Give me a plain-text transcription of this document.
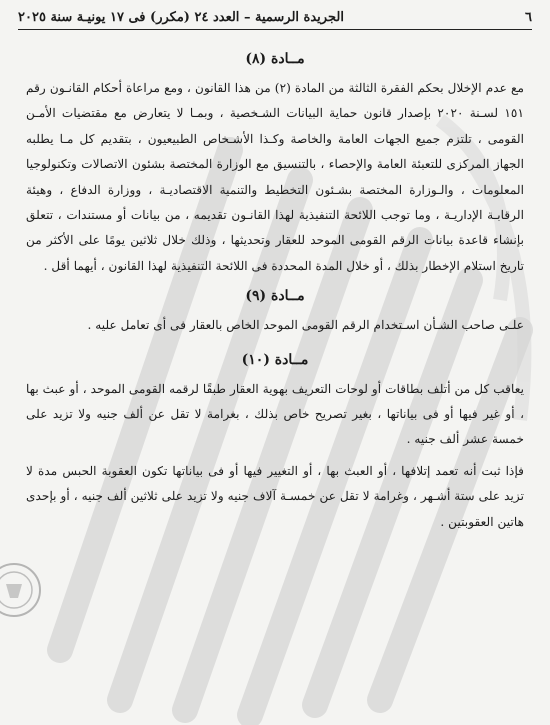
٦
الجريدة الرسمية – العدد ٢٤ (مكرر) فى ١٧ يونيـة سنة ٢٠٢٥
مــادة (٨)

مع عدم الإخلال بحكم الفقرة الثالثة من المادة (٢) من هذا القانون ، ومع مراعاة أحكام القانـون رقم ١٥١ لسـنة ٢٠٢٠ بإصدار قانون حماية البيانات الشـخصية ، وبمـا لا يتعارض مع مقتضيات الأمـن القومى ، تلتزم جميع الجهات العامة والخاصة وكـذا الأشـخاص الطبيعيون ، بتقديم كل مـا يطلبه الجهاز المركزى للتعبئة العامة والإحصاء ، بالتنسيق مع الوزارة المختصة بشئون الاتصالات وتكنولوجيا المعلومات ، والـوزارة المختصة بشـئون التخطيط والتنمية الاقتصاديـة ، ووزارة الدفاع ، وهيئة الرقابـة الإداريـة ، وما توجب اللائحة التنفيذية لهذا القانـون تقديمه ، من بيانات أو مستندات ، تتعلق بإنشاء قاعدة بيانات الرقم القومى الموحد للعقار وتحديثها ، وذلك خلال ثلاثين يومًا على الأكثر من تاريخ استلام الإخطار بذلك ، أو خلال المدة المحددة فى اللائحة التنفيذية لهذا القانون ، أيهما أقل .

مــادة (٩)

علـى صاحب الشـأن اسـتخدام الرقم القومى الموحد الخاص بالعقار فى أى تعامل عليه .

مــادة (١٠)

يعاقب كل من أتلف بطاقات أو لوحات التعريف بهوية العقار طبقًا لرقمه القومى الموحد ، أو عبث بها ، أو غير فيها أو فى بياناتها ، بغير تصريح خاص بذلك ، بغرامة لا تقل عن ألف جنيه ولا تزيد على خمسة عشر ألف جنيه .

فإذا ثبت أنه تعمد إتلافها ، أو العبث بها ، أو التغيير فيها أو فى بياناتها تكون العقوبة الحبس مدة لا تزيد على ستة أشـهر ، وغرامة لا تقل عن خمسـة آلاف جنيه ولا تزيد على ثلاثين ألف جنيه ، أو بإحدى هاتين العقوبتين .
